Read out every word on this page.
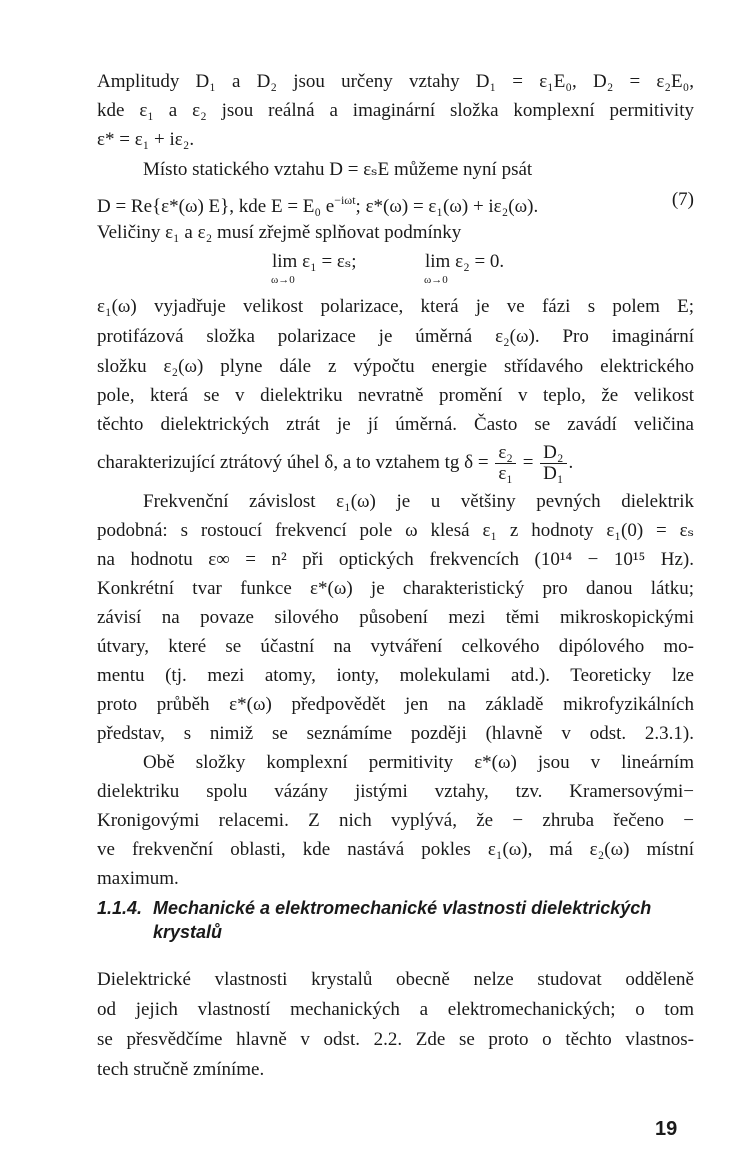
Amplitudy D₁ a D₂ jsou určeny vztahy D₁ = ε₁E₀, D₂ = ε₂E₀,
kde ε₁ a ε₂ jsou reálná a imaginární složka komplexní permitivity
ε* = ε₁ + iε₂.
Místo statického vztahu D = εₛE můžeme nyní psát
D = Re{ε*(ω) E}, kde E = E₀ $e^{-i\omega t}$; ε*(ω) = ε₁(ω) + iε₂(ω).	(7)
Veličiny ε₁ a ε₂ musí zřejmě splňovat podmínky
lim ε₁ = εₛ;	lim ε₂ = 0.
ω→0	ω→0
ε₁(ω) vyjadřuje velikost polarizace, která je ve fázi s polem E;
protifázová složka polarizace je úměrná ε₂(ω). Pro imaginární
složku ε₂(ω) plyne dále z výpočtu energie střídavého elektrického
pole, která se v dielektriku nevratně promění v teplo, že velikost
těchto dielektrických ztrát je jí úměrná. Často se zavádí veličina
charakterizující ztrátový úhel δ, a to vztahem tg $\delta = \frac{\text{ε₂}}{\text{ε₁}} = \frac{\text{D₂}}{\text{D₁}}$ .
Frekvenční závislost ε₁(ω) je u většiny pevných dielektrik
podobná: s rostoucí frekvencí pole ω klesá ε₁ z hodnoty ε₁(0) = εₛ
na hodnotu ε∞ = n² při optických frekvencích (10¹⁴ − 10¹⁵ Hz).
Konkrétní tvar funkce ε*(ω) je charakteristický pro danou látku;
závisí na povaze silového působení mezi těmi mikroskopickými
útvary, které se účastní na vytváření celkového dipólového mo-
mentu (tj. mezi atomy, ionty, molekulami atd.). Teoreticky lze
proto průběh ε*(ω) předpovědět jen na základě mikrofyzikálních
představ, s nimiž se seznámíme později (hlavně v odst. 2.3.1).
Obě složky komplexní permitivity ε*(ω) jsou v lineárním
dielektriku spolu vázány jistými vztahy, tzv. Kramersovými−
Kronigovými relacemi. Z nich vyplývá, že − zhruba řečeno −
ve frekvenční oblasti, kde nastává pokles ε₁(ω), má ε₂(ω) místní
maximum.
1.1.4. Mechanické a elektromechanické vlastnosti dielektrických
krystalů
Dielektrické vlastnosti krystalů obecně nelze studovat odděleně
od jejich vlastností mechanických a elektromechanických; o tom
se přesvědčíme hlavně v odst. 2.2. Zde se proto o těchto vlastnos-
tech stručně zmíníme.
19
